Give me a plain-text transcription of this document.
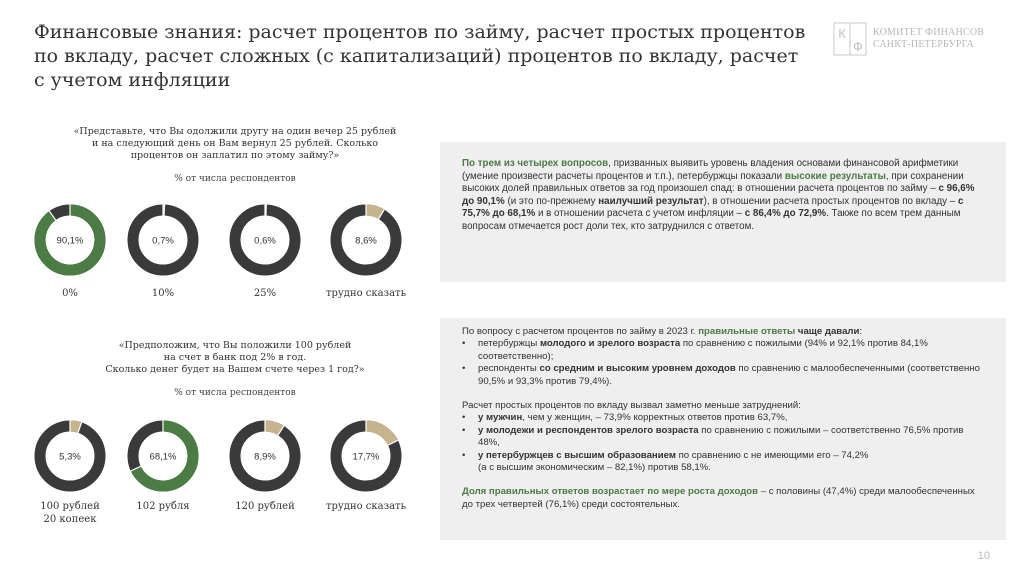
Финансовые знания: расчет процентов по займу, расчет простых процентов по вкладу, расчет сложных (с капитализаций) процентов по вкладу, расчет с учетом инфляции
К
Ф
КОМИТЕТ ФИНАНСОВ
САНКТ-ПЕТЕРБУРГА
«Представьте, что Вы одолжили другу на один вечер 25 рублей
и на следующий день он Вам вернул 25 рублей. Сколько
процентов он заплатил по этому займу?»
% от числа респондентов
90,1%
0%
0,7%
10%
0,6%
25%
8,6%
трудно сказать
«Предположим, что Вы положили 100 рублей
на счет в банк под 2% в год.
Сколько денег будет на Вашем счете через 1 год?»
% от числа респондентов
5,3%
100 рублей
20 копеек
68,1%
102 рубля
8,9%
120 рублей
17,7%
трудно сказать

По трем из четырех вопросов, призванных выявить уровень владения основами финансовой арифметики (умение произвести расчеты процентов и т.п.), петербуржцы показали высокие результаты, при сохранении высоких долей правильных ответов за год произошел спад: в отношении расчета процентов по займу – с 96,6% до 90,1% (и это по-прежнему наилучший результат), в отношении расчета простых процентов по вкладу – с 75,7% до 68,1% и в отношении расчета с учетом инфляции – с 86,4% до 72,9%. Также по всем трем данным вопросам отмечается рост доли тех, кто затруднился с ответом.

По вопросу с расчетом процентов по займу в 2023 г. правильные ответы чаще давали:

• петербуржцы молодого и зрелого возраста по сравнению с пожилыми (94% и 92,1% против 84,1% соответственно);

• респонденты со средним и высоким уровнем доходов по сравнению с малообеспеченными (соответственно 90,5% и 93,3% против 79,4%).

Расчет простых процентов по вкладу вызвал заметно меньше затруднений:

• у мужчин, чем у женщин, – 73,9% корректных ответов против 63,7%,

• у молодежи и респондентов зрелого возраста по сравнению с пожилыми – соответственно 76,5% против 48%,

• у петербуржцев с высшим образованием по сравнению с не имеющими его – 74,2%
(а с высшим экономическим – 82,1%) против 58,1%.

Доля правильных ответов возрастает по мере роста доходов – с половины (47,4%) среди малообеспеченных до трех четвертей (76,1%) среди состоятельных.

10
